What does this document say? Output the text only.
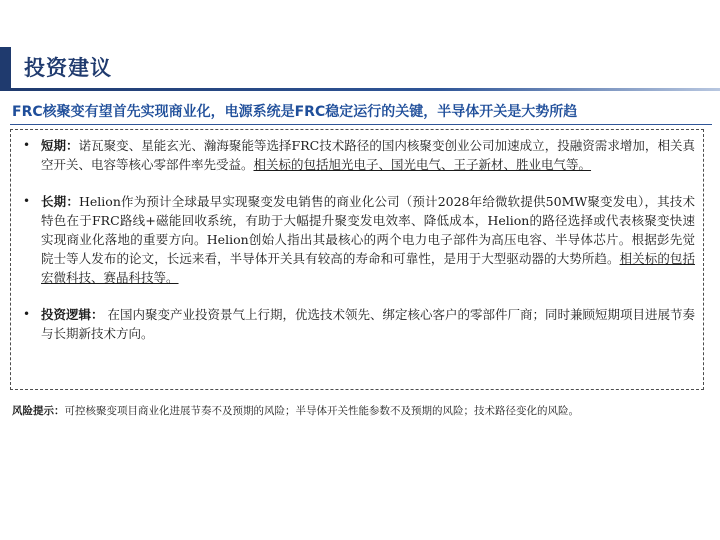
投资建议
FRC核聚变有望首先实现商业化，电源系统是FRC稳定运行的关键，半导体开关是大势所趋
• 短期：诺瓦聚变、星能玄光、瀚海聚能等选择FRC技术路径的国内核聚变创业公司加速成立，投融资需求增加，相关真空开关、电容等核心零部件率先受益。相关标的包括旭光电子、国光电气、王子新材、胜业电气等。
• 长期：Helion作为预计全球最早实现聚变发电销售的商业化公司（预计2028年给微软提供50MW聚变发电），其技术特色在于FRC路线+磁能回收系统，有助于大幅提升聚变发电效率、降低成本，Helion的路径选择或代表核聚变快速实现商业化落地的重要方向。Helion创始人指出其最核心的两个电力电子部件为高压电容、半导体芯片。根据彭先觉院士等人发布的论文，长远来看，半导体开关具有较高的寿命和可靠性，是用于大型驱动器的大势所趋。相关标的包括宏微科技、赛晶科技等。
• 投资逻辑： 在国内聚变产业投资景气上行期，优选技术领先、绑定核心客户的零部件厂商；同时兼顾短期项目进展节奏与长期新技术方向。
风险提示：可控核聚变项目商业化进展节奏不及预期的风险；半导体开关性能参数不及预期的风险；技术路径变化的风险。
